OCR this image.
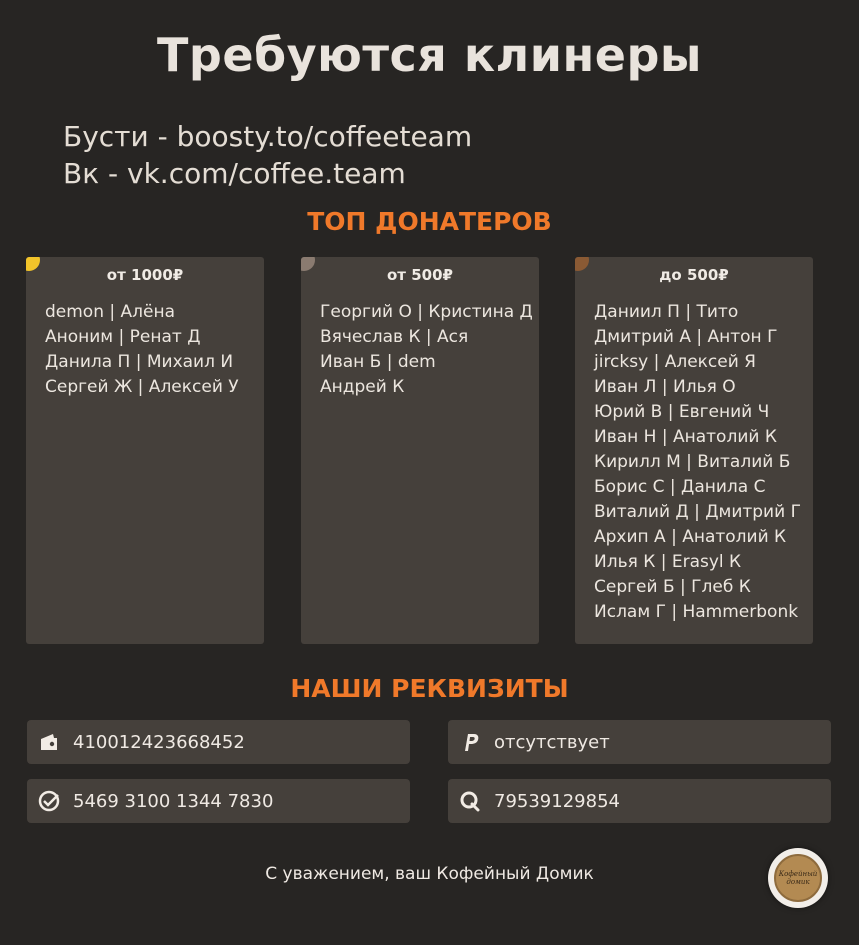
Требуются клинеры
Бусти - boosty.to/coffeeteam
Вк - vk.com/coffee.team
ТОП ДОНАТЕРОВ
от 1000₽
demon | Алёна
Аноним | Ренат Д
Данила П | Михаил И
Сергей Ж | Алексей У
от 500₽
Георгий О | Кристина Д
Вячеслав К | Ася
Иван Б | dem
Андрей К
до 500₽
Даниил П | Тито
Дмитрий А | Антон Г
jircksy | Алексей Я
Иван Л | Илья О
Юрий В | Евгений Ч
Иван Н | Анатолий К
Кирилл М | Виталий Б
Борис С | Данила С
Виталий Д | Дмитрий Г
Архип А | Анатолий К
Илья К | Erasyl К
Сергей Б | Глеб К
Ислам Г | Hammerbonk
НАШИ РЕКВИЗИТЫ
410012423668452	отсутствует
5469 3100 1344 7830	79539129854
С уважением, ваш Кофейный Домик	Кофейный домик
